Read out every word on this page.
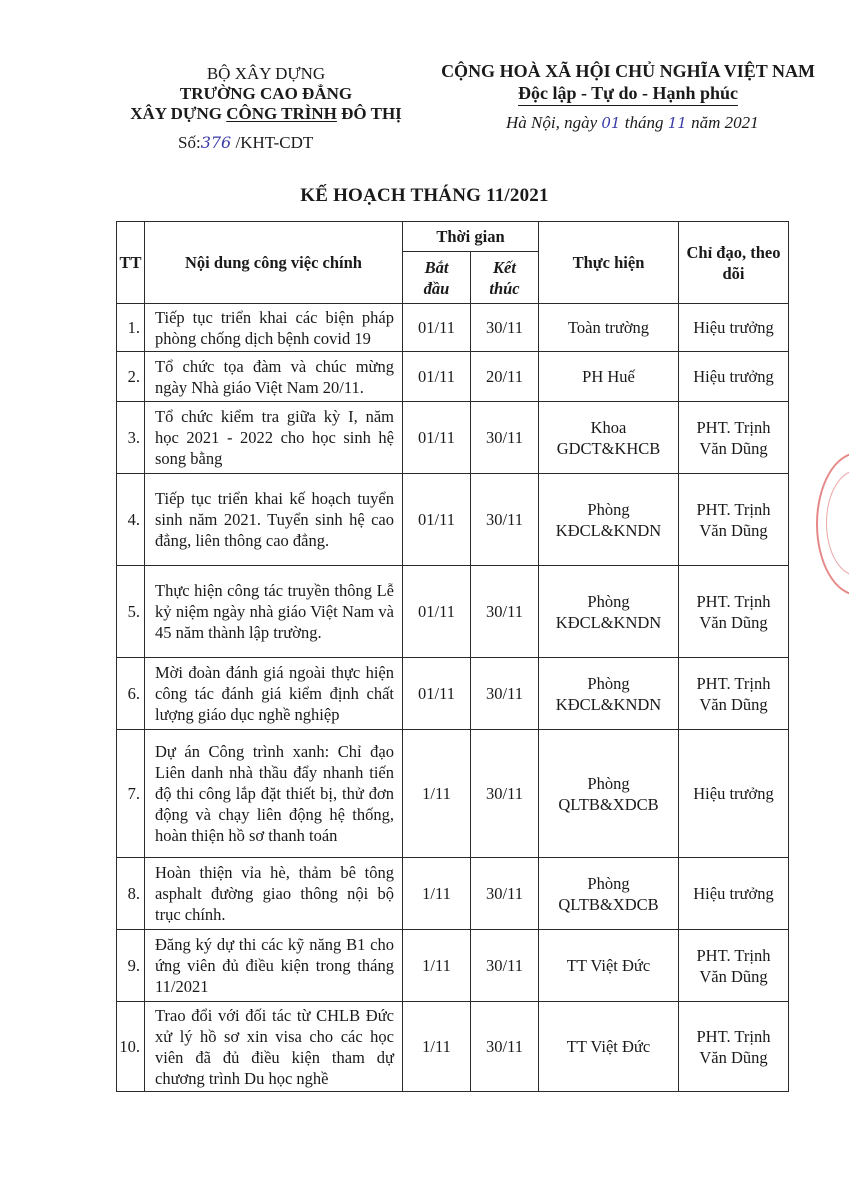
BỘ XÂY DỰNG
TRƯỜNG CAO ĐẲNG
XÂY DỰNG CÔNG TRÌNH ĐÔ THỊ
Số:376 /KHT-CDT
CỘNG HOÀ XÃ HỘI CHỦ NGHĨA VIỆT NAM
Độc lập - Tự do - Hạnh phúc
Hà Nội, ngày 01 tháng 11 năm 2021
KẾ HOẠCH THÁNG 11/2021
TT	Nội dung công việc chính	Thời gian		Thực hiện	Chỉ đạo, theo dõi
		Bắt đầu	Kết thúc		
1.	Tiếp tục triển khai các biện pháp phòng chống dịch bệnh covid 19	01/11	30/11	Toàn trường	Hiệu trưởng
2.	Tổ chức tọa đàm và chúc mừng ngày Nhà giáo Việt Nam 20/11.	01/11	20/11	PH Huế	Hiệu trưởng
3.	Tổ chức kiểm tra giữa kỳ I, năm học 2021 - 2022 cho học sinh hệ song bằng	01/11	30/11	Khoa GDCT&KHCB	PHT. Trịnh Văn Dũng
4.	Tiếp tục triển khai kế hoạch tuyển sinh năm 2021. Tuyển sinh hệ cao đẳng, liên thông cao đẳng.	01/11	30/11	Phòng KĐCL&KNDN	PHT. Trịnh Văn Dũng
5.	Thực hiện công tác truyền thông Lễ kỷ niệm ngày nhà giáo Việt Nam và 45 năm thành lập trường.	01/11	30/11	Phòng KĐCL&KNDN	PHT. Trịnh Văn Dũng
6.	Mời đoàn đánh giá ngoài thực hiện công tác đánh giá kiểm định chất lượng giáo dục nghề nghiệp	01/11	30/11	Phòng KĐCL&KNDN	PHT. Trịnh Văn Dũng
7.	Dự án Công trình xanh: Chỉ đạo Liên danh nhà thầu đẩy nhanh tiến độ thi công lắp đặt thiết bị, thử đơn động và chạy liên động hệ thống, hoàn thiện hồ sơ thanh toán	1/11	30/11	Phòng QLTB&XDCB	Hiệu trưởng
8.	Hoàn thiện vỉa hè, thảm bê tông asphalt đường giao thông nội bộ trục chính.	1/11	30/11	Phòng QLTB&XDCB	Hiệu trưởng
9.	Đăng ký dự thi các kỹ năng B1 cho ứng viên đủ điều kiện trong tháng 11/2021	1/11	30/11	TT Việt Đức	PHT. Trịnh Văn Dũng
10.	Trao đổi với đối tác từ CHLB Đức xử lý hồ sơ xin visa cho các học viên đã đủ điều kiện tham dự chương trình Du học nghề	1/11	30/11	TT Việt Đức	PHT. Trịnh Văn Dũng
